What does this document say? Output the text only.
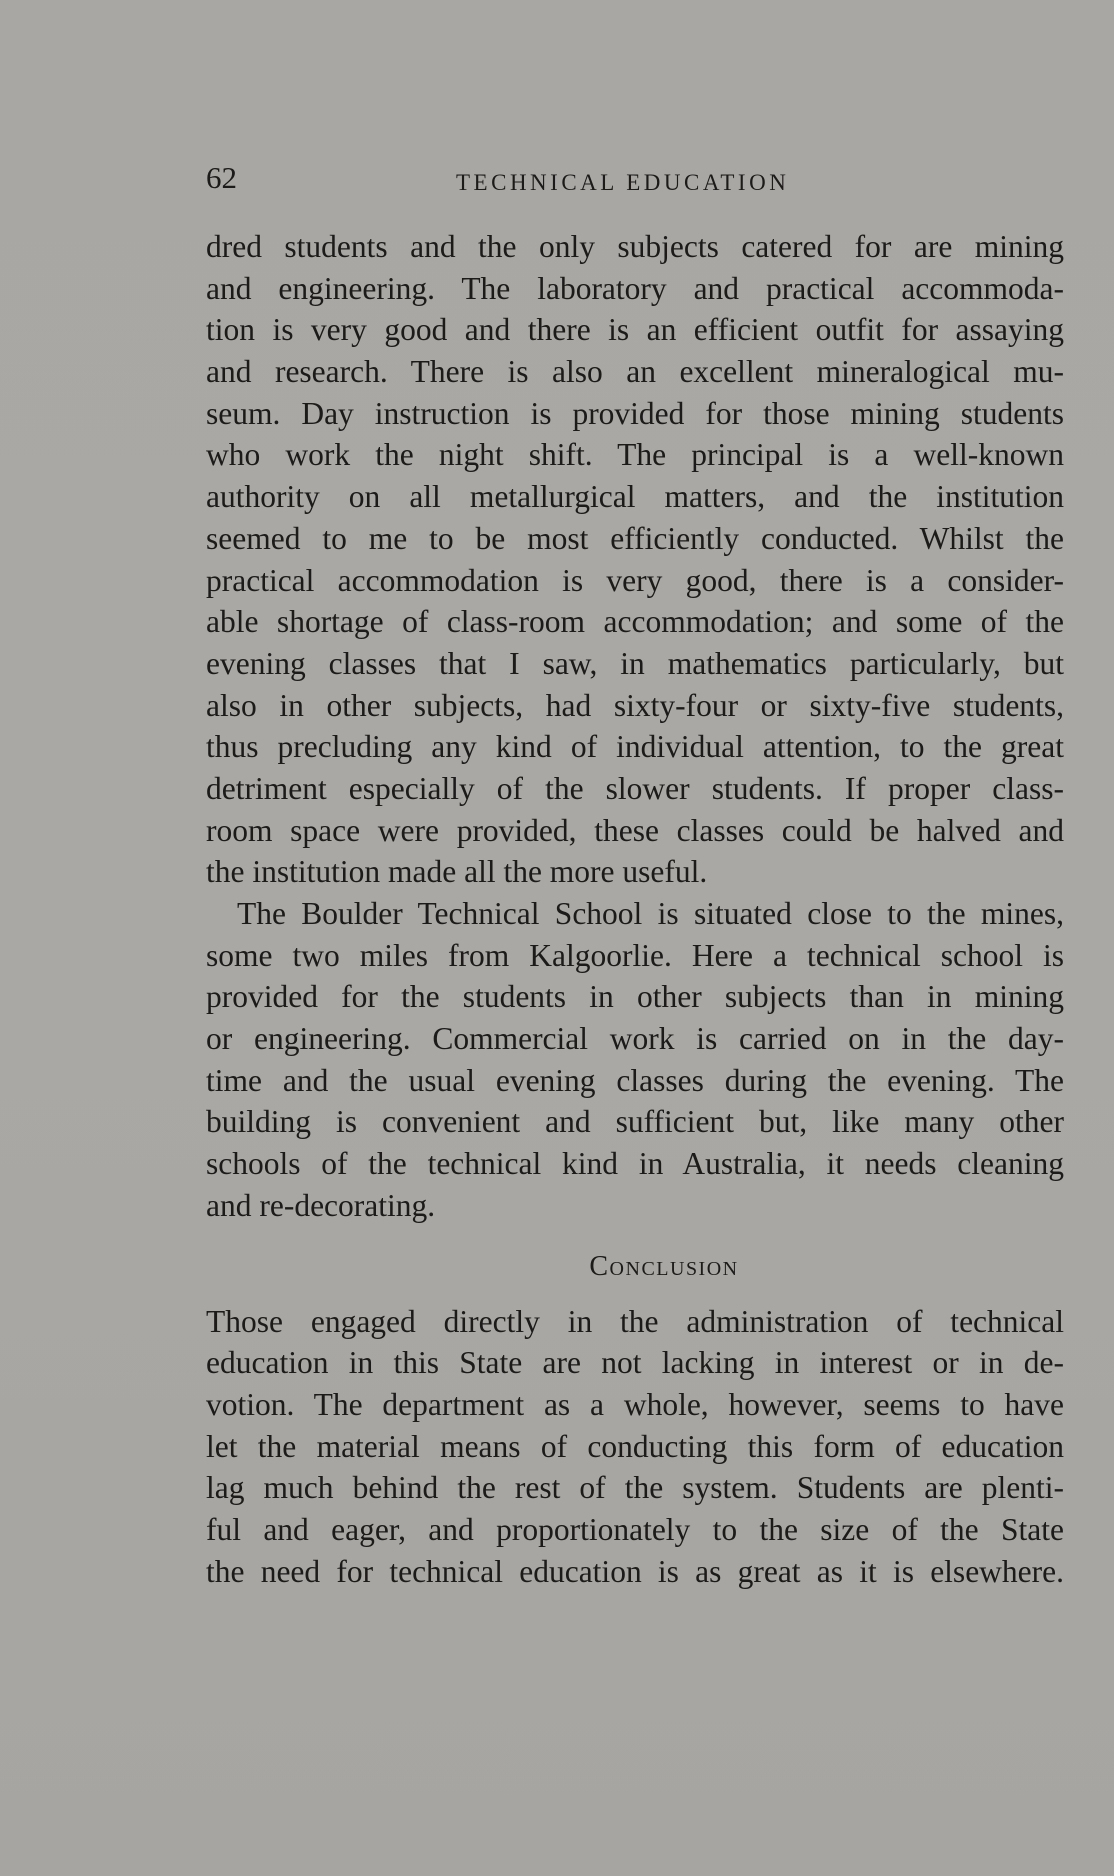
62	TECHNICAL EDUCATION
dred students and the only subjects catered for are mining
and engineering. The laboratory and practical accommoda-
tion is very good and there is an efficient outfit for assaying
and research. There is also an excellent mineralogical mu-
seum. Day instruction is provided for those mining students
who work the night shift. The principal is a well-known
authority on all metallurgical matters, and the institution
seemed to me to be most efficiently conducted. Whilst the
practical accommodation is very good, there is a consider-
able shortage of class-room accommodation; and some of the
evening classes that I saw, in mathematics particularly, but
also in other subjects, had sixty-four or sixty-five students,
thus precluding any kind of individual attention, to the great
detriment especially of the slower students. If proper class-
room space were provided, these classes could be halved and
the institution made all the more useful.
The Boulder Technical School is situated close to the mines,
some two miles from Kalgoorlie. Here a technical school is
provided for the students in other subjects than in mining
or engineering. Commercial work is carried on in the day-
time and the usual evening classes during the evening. The
building is convenient and sufficient but, like many other
schools of the technical kind in Australia, it needs cleaning
and re-decorating.
Conclusion
Those engaged directly in the administration of technical
education in this State are not lacking in interest or in de-
votion. The department as a whole, however, seems to have
let the material means of conducting this form of education
lag much behind the rest of the system. Students are plenti-
ful and eager, and proportionately to the size of the State
the need for technical education is as great as it is elsewhere.
